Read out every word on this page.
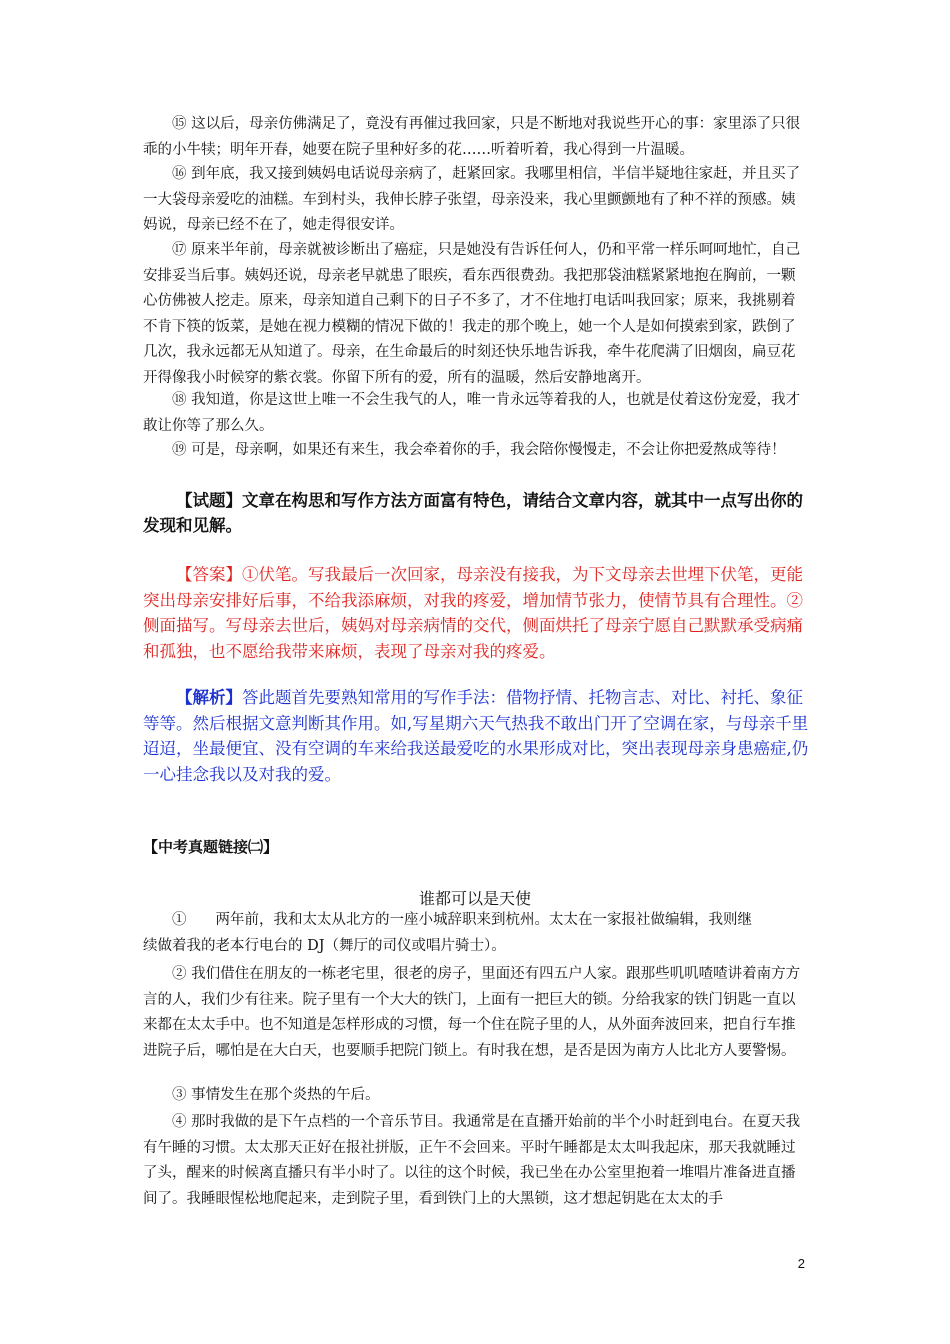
⑮ 这以后，母亲仿佛满足了，竟没有再催过我回家，只是不断地对我说些开心的事：家里添了只很乖的小牛犊；明年开春，她要在院子里种好多的花……听着听着，我心得到一片温暖。

⑯ 到年底，我又接到姨妈电话说母亲病了，赶紧回家。我哪里相信，半信半疑地往家赶，并且买了一大袋母亲爱吃的油糕。车到村头，我伸长脖子张望，母亲没来，我心里颤颤地有了种不祥的预感。姨妈说，母亲已经不在了，她走得很安详。

⑰ 原来半年前，母亲就被诊断出了癌症，只是她没有告诉任何人，仍和平常一样乐呵呵地忙，自己安排妥当后事。姨妈还说，母亲老早就患了眼疾，看东西很费劲。我把那袋油糕紧紧地抱在胸前，一颗心仿佛被人挖走。原来，母亲知道自己剩下的日子不多了，才不住地打电话叫我回家；原来，我挑剔着不肯下筷的饭菜，是她在视力模糊的情况下做的！我走的那个晚上，她一个人是如何摸索到家，跌倒了几次，我永远都无从知道了。母亲，在生命最后的时刻还快乐地告诉我，牵牛花爬满了旧烟囱，扁豆花开得像我小时候穿的紫衣裳。你留下所有的爱，所有的温暖，然后安静地离开。

⑱ 我知道，你是这世上唯一不会生我气的人，唯一肯永远等着我的人，也就是仗着这份宠爱，我才敢让你等了那么久。

⑲ 可是，母亲啊，如果还有来生，我会牵着你的手，我会陪你慢慢走，不会让你把爱熬成等待！

【试题】文章在构思和写作方法方面富有特色，请结合文章内容，就其中一点写出你的发现和见解。

【答案】①伏笔。写我最后一次回家，母亲没有接我，为下文母亲去世埋下伏笔，更能突出母亲安排好后事，不给我添麻烦，对我的疼爱，增加情节张力，使情节具有合理性。②侧面描写。写母亲去世后，姨妈对母亲病情的交代，侧面烘托了母亲宁愿自己默默承受病痛和孤独，也不愿给我带来麻烦，表现了母亲对我的疼爱。

【解析】答此题首先要熟知常用的写作手法：借物抒情、托物言志、对比、衬托、象征等等。然后根据文意判断其作用。如,写星期六天气热我不敢出门开了空调在家，与母亲千里迢迢，坐最便宜、没有空调的车来给我送最爱吃的水果形成对比，突出表现母亲身患癌症,仍一心挂念我以及对我的爱。

【中考真题链接㈡】

谁都可以是天使

①　　两年前，我和太太从北方的一座小城辞职来到杭州。太太在一家报社做编辑，我则继

续做着我的老本行电台的 DJ（舞厅的司仪或唱片骑士）。

② 我们借住在朋友的一栋老宅里，很老的房子，里面还有四五户人家。跟那些叽叽喳喳讲着南方方言的人，我们少有往来。院子里有一个大大的铁门，上面有一把巨大的锁。分给我家的铁门钥匙一直以来都在太太手中。也不知道是怎样形成的习惯，每一个住在院子里的人，从外面奔波回来，把自行车推进院子后，哪怕是在大白天，也要顺手把院门锁上。有时我在想，是否是因为南方人比北方人要警惕。

③ 事情发生在那个炎热的午后。

④ 那时我做的是下午点档的一个音乐节目。我通常是在直播开始前的半个小时赶到电台。在夏天我有午睡的习惯。太太那天正好在报社拼版，正午不会回来。平时午睡都是太太叫我起床，那天我就睡过了头，醒来的时候离直播只有半小时了。以往的这个时候，我已坐在办公室里抱着一堆唱片准备进直播间了。我睡眼惺松地爬起来，走到院子里，看到铁门上的大黑锁，这才想起钥匙在太太的手

2
